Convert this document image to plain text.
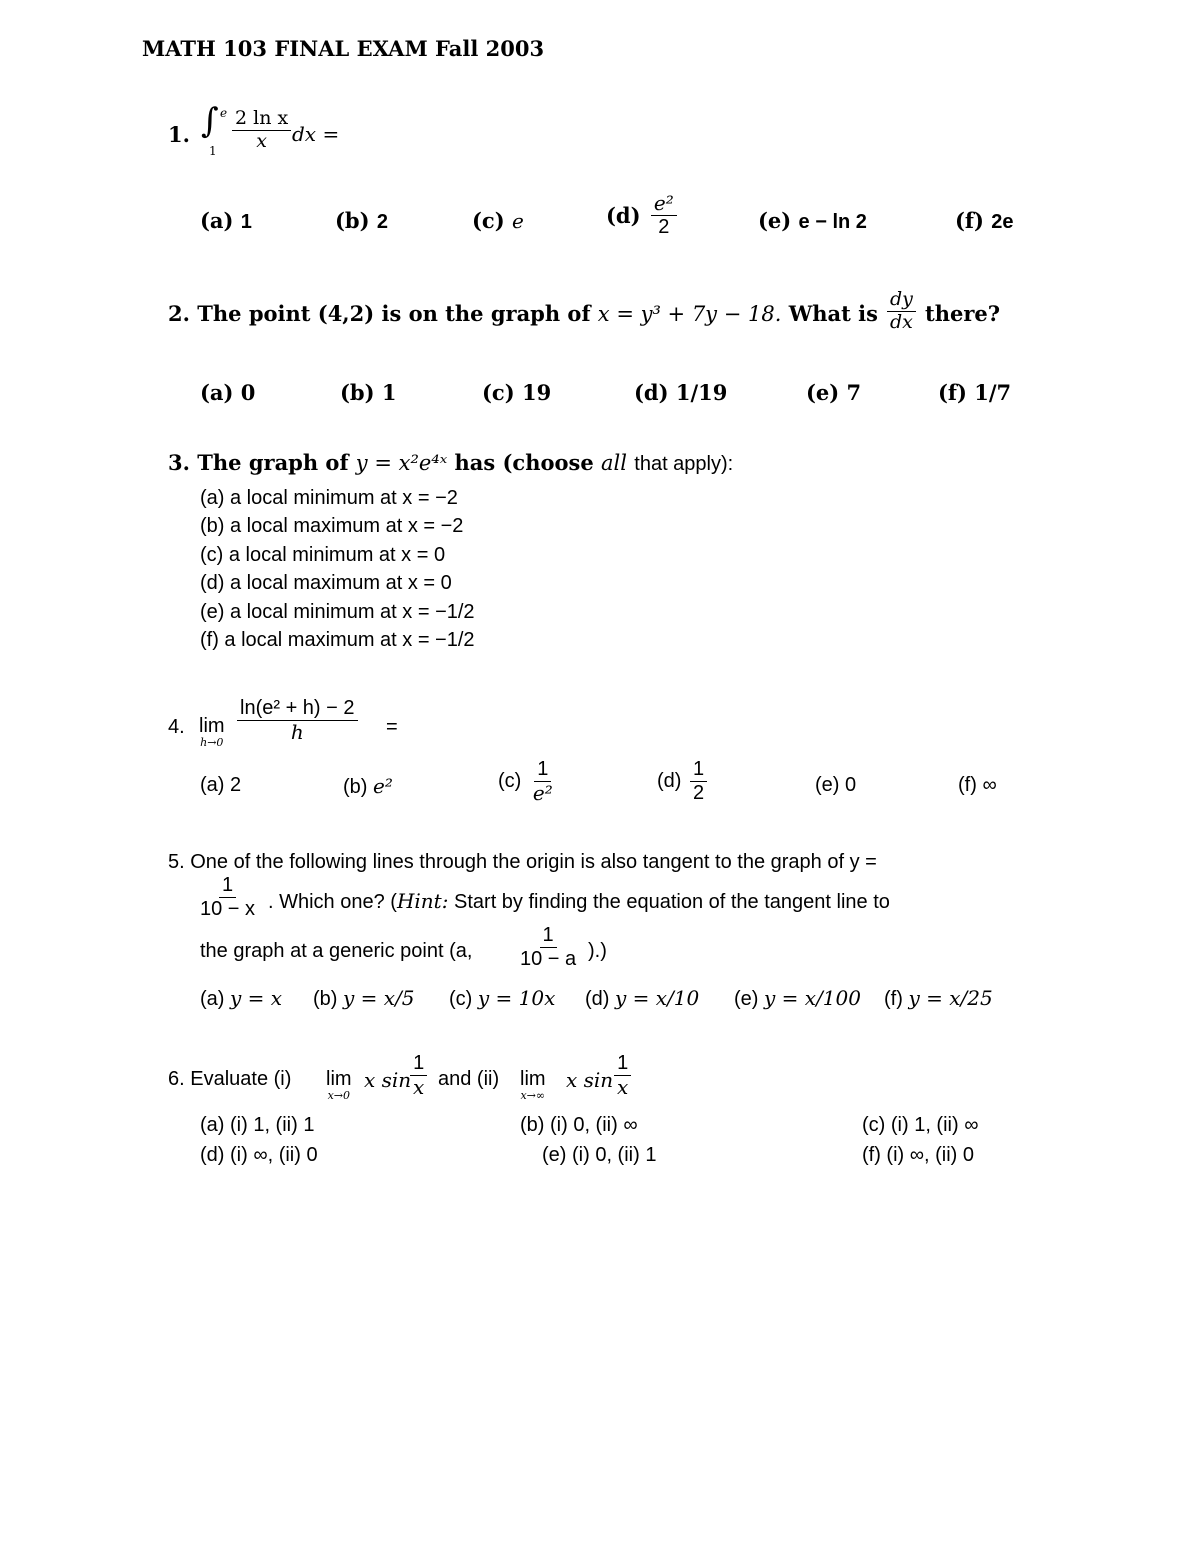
MATH 103 FINAL EXAM Fall 2003
1. ∫ e
$1 \frac{\text{2 ln x}}{x}$ dx =
(a) 1	(b) 2	(c) e	$(d) \frac{\text{e²}}{2}$	(e) e − ln 2	(f) 2e
2. The point (4,2) is on the graph of x = y³ + 7y − 18. What is $\frac{dy}{dx}$ there?
(a) 0	(b) 1	(c) 19	(d) 1/19	(e) 7	(f) 1/7
3. The graph of y = x²e⁴ˣ has (choose all that apply):
(a) a local minimum at x = −2
(b) a local maximum at x = −2
(c) a local minimum at x = 0
(d) a local maximum at x = 0
(e) a local minimum at x = −1/2
(f) a local maximum at x = −1/2
4. lim
$h\to 0 \frac{\text{ln(e² + h) − 2}}{h}$ =
(a) 2	(b) e²	$(c) \frac{1}{\text{e²}}$	$(d) \frac{1}{2}$	(e) 0	(f) ∞
5. One of the following lines through the origin is also tangent to the graph of y =
$\frac{1}{10 - x}$ . Which one? (Hint: Start by finding the equation of the tangent line to
the graph at a generic point (a, $\frac{1}{10 - a}$ ).)
(a) y = x (b) y = x/5 (c) y = 10x (d) y = x/10 (e) y = x/100 (f) y = x/25
6. Evaluate (i) lim
x→0
x sin
$\frac{1}{x}$ and (ii) lim
x→∞
x $\sin \frac{1}{x}$
(a) (i) 1, (ii) 1	(b) (i) 0, (ii) ∞	(c) (i) 1, (ii) ∞
(d) (i) ∞, (ii) 0	(e) (i) 0, (ii) 1	(f) (i) ∞, (ii) 0
